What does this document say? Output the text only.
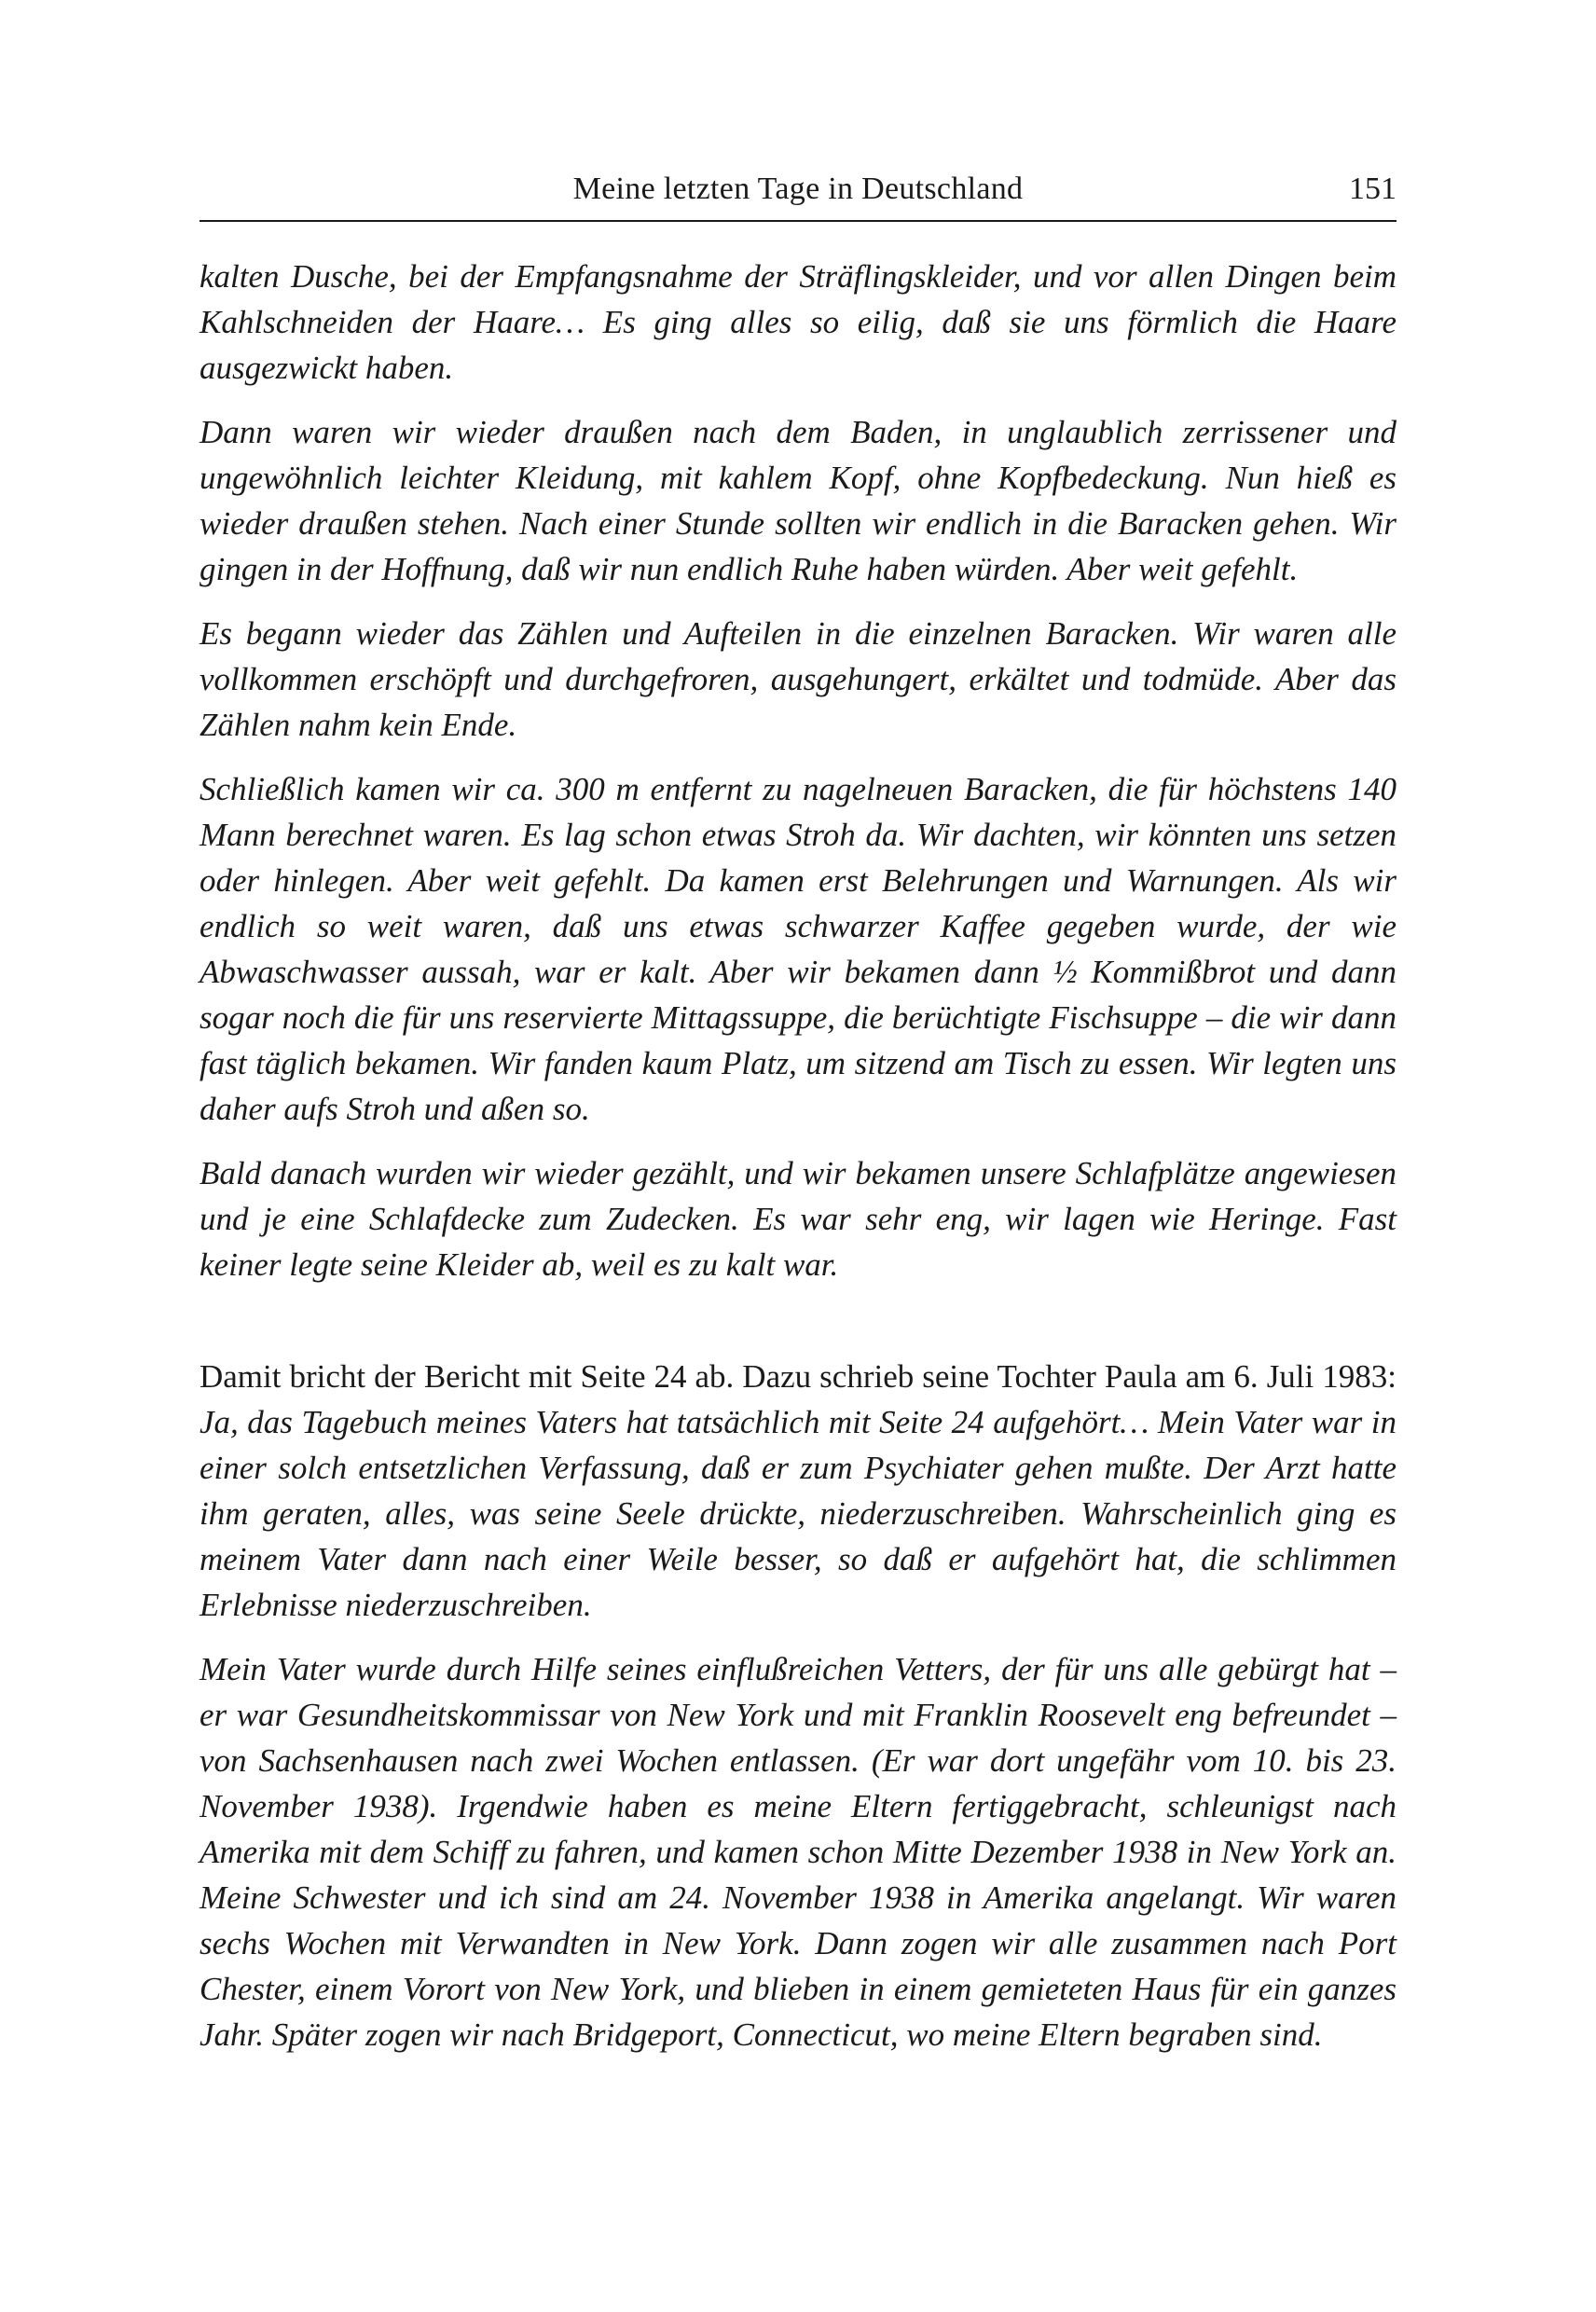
Meine letzten Tage in Deutschland	151

kalten Dusche, bei der Empfangsnahme der Sträflingskleider, und vor allen Dingen beim Kahlschneiden der Haare… Es ging alles so eilig, daß sie uns förmlich die Haare ausgezwickt haben.

Dann waren wir wieder draußen nach dem Baden, in unglaublich zerrissener und ungewöhnlich leichter Kleidung, mit kahlem Kopf, ohne Kopfbedeckung. Nun hieß es wieder draußen stehen. Nach einer Stunde sollten wir endlich in die Baracken gehen. Wir gingen in der Hoffnung, daß wir nun endlich Ruhe haben würden. Aber weit gefehlt.

Es begann wieder das Zählen und Aufteilen in die einzelnen Baracken. Wir waren alle vollkommen erschöpft und durchgefroren, ausgehungert, erkältet und todmüde. Aber das Zählen nahm kein Ende.

Schließlich kamen wir ca. 300 m entfernt zu nagelneuen Baracken, die für höchstens 140 Mann berechnet waren. Es lag schon etwas Stroh da. Wir dachten, wir könnten uns setzen oder hinlegen. Aber weit gefehlt. Da kamen erst Belehrungen und Warnungen. Als wir endlich so weit waren, daß uns etwas schwarzer Kaffee gegeben wurde, der wie Abwaschwasser aussah, war er kalt. Aber wir bekamen dann ½ Kommißbrot und dann sogar noch die für uns reservierte Mittagssuppe, die berüchtigte Fischsuppe – die wir dann fast täglich bekamen. Wir fanden kaum Platz, um sitzend am Tisch zu essen. Wir legten uns daher aufs Stroh und aßen so.

Bald danach wurden wir wieder gezählt, und wir bekamen unsere Schlafplätze angewiesen und je eine Schlafdecke zum Zudecken. Es war sehr eng, wir lagen wie Heringe. Fast keiner legte seine Kleider ab, weil es zu kalt war.

Damit bricht der Bericht mit Seite 24 ab. Dazu schrieb seine Tochter Paula am 6. Juli 1983: Ja, das Tagebuch meines Vaters hat tatsächlich mit Seite 24 aufgehört… Mein Vater war in einer solch entsetzlichen Verfassung, daß er zum Psychiater gehen mußte. Der Arzt hatte ihm geraten, alles, was seine Seele drückte, niederzuschreiben. Wahrscheinlich ging es meinem Vater dann nach einer Weile besser, so daß er aufgehört hat, die schlimmen Erlebnisse niederzuschreiben.

Mein Vater wurde durch Hilfe seines einflußreichen Vetters, der für uns alle gebürgt hat – er war Gesundheitskommissar von New York und mit Franklin Roosevelt eng befreundet – von Sachsenhausen nach zwei Wochen entlassen. (Er war dort ungefähr vom 10. bis 23. November 1938). Irgendwie haben es meine Eltern fertiggebracht, schleunigst nach Amerika mit dem Schiff zu fahren, und kamen schon Mitte Dezember 1938 in New York an. Meine Schwester und ich sind am 24. November 1938 in Amerika angelangt. Wir waren sechs Wochen mit Verwandten in New York. Dann zogen wir alle zusammen nach Port Chester, einem Vorort von New York, und blieben in einem gemieteten Haus für ein ganzes Jahr. Später zogen wir nach Bridgeport, Connecticut, wo meine Eltern begraben sind.
